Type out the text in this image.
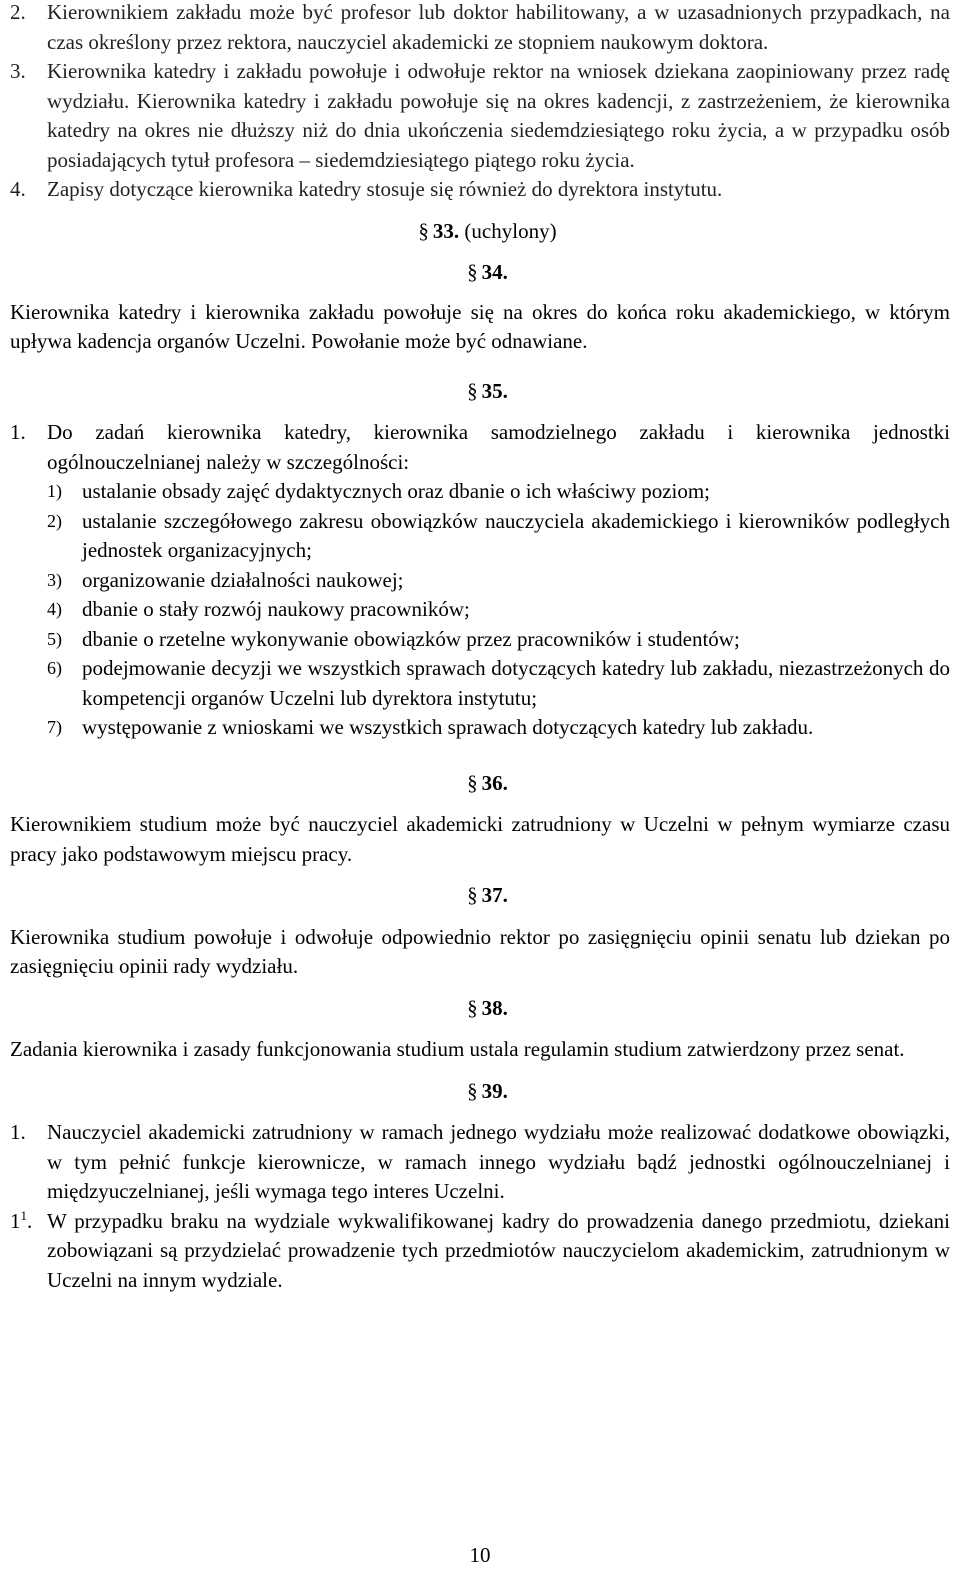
2. Kierownikiem zakładu może być profesor lub doktor habilitowany, a w uzasadnionych przypadkach, na czas określony przez rektora, nauczyciel akademicki ze stopniem naukowym doktora.
3. Kierownika katedry i zakładu powołuje i odwołuje rektor na wniosek dziekana zaopiniowany przez radę wydziału. Kierownika katedry i zakładu powołuje się na okres kadencji, z zastrzeżeniem, że kierownika katedry na okres nie dłuższy niż do dnia ukończenia siedemdziesiątego roku życia, a w przypadku osób posiadających tytuł profesora – siedemdziesiątego piątego roku życia.
4. Zapisy dotyczące kierownika katedry stosuje się również do dyrektora instytutu.
§ 33. (uchylony)
§ 34.
Kierownika katedry i kierownika zakładu powołuje się na okres do końca roku akademickiego, w którym upływa kadencja organów Uczelni. Powołanie może być odnawiane.
§ 35.
1. Do zadań kierownika katedry, kierownika samodzielnego zakładu i kierownika jednostki ogólnouczelnianej należy w szczególności:
1) ustalanie obsady zajęć dydaktycznych oraz dbanie o ich właściwy poziom;
2) ustalanie szczegółowego zakresu obowiązków nauczyciela akademickiego i kierowników podległych jednostek organizacyjnych;
3) organizowanie działalności naukowej;
4) dbanie o stały rozwój naukowy pracowników;
5) dbanie o rzetelne wykonywanie obowiązków przez pracowników i studentów;
6) podejmowanie decyzji we wszystkich sprawach dotyczących katedry lub zakładu, niezastrzeżonych do kompetencji organów Uczelni lub dyrektora instytutu;
7) występowanie z wnioskami we wszystkich sprawach dotyczących katedry lub zakładu.
§ 36.
Kierownikiem studium może być nauczyciel akademicki zatrudniony w Uczelni w pełnym wymiarze czasu pracy jako podstawowym miejscu pracy.
§ 37.
Kierownika studium powołuje i odwołuje odpowiednio rektor po zasięgnięciu opinii senatu lub dziekan po zasięgnięciu opinii rady wydziału.
§ 38.
Zadania kierownika i zasady funkcjonowania studium ustala regulamin studium zatwierdzony przez senat.
§ 39.
1. Nauczyciel akademicki zatrudniony w ramach jednego wydziału może realizować dodatkowe obowiązki, w tym pełnić funkcje kierownicze, w ramach innego wydziału bądź jednostki ogólnouczelnianej i międzyuczelnianej, jeśli wymaga tego interes Uczelni.
$1^1$. W przypadku braku na wydziale wykwalifikowanej kadry do prowadzenia danego przedmiotu, dziekani zobowiązani są przydzielać prowadzenie tych przedmiotów nauczycielom akademickim, zatrudnionym w Uczelni na innym wydziale.
10
